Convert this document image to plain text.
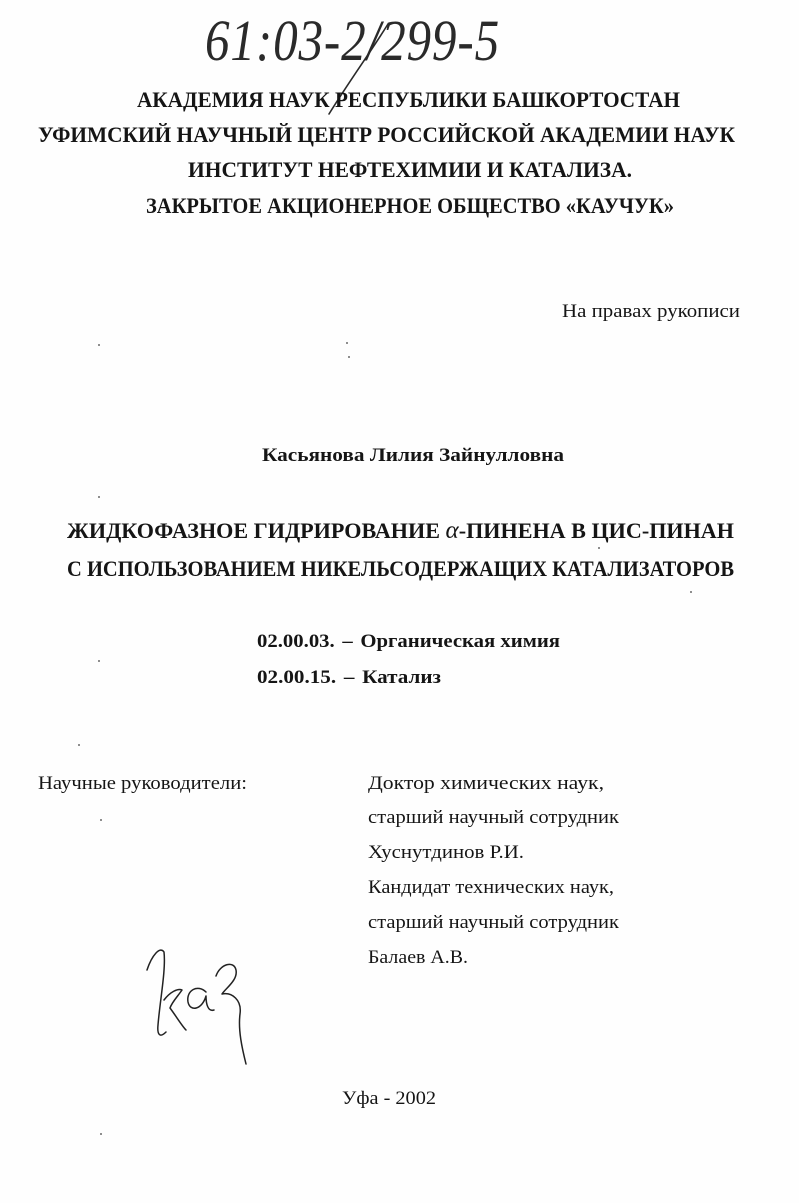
61:03-2/299-5
АКАДЕМИЯ НАУК РЕСПУБЛИКИ БАШКОРТОСТАН
УФИМСКИЙ НАУЧНЫЙ ЦЕНТР РОССИЙСКОЙ АКАДЕМИИ НАУК
ИНСТИТУТ НЕФТЕХИМИИ И КАТАЛИЗА.
ЗАКРЫТОЕ АКЦИОНЕРНОЕ ОБЩЕСТВО «КАУЧУК»
На правах рукописи
Касьянова Лилия Зайнулловна
ЖИДКОФАЗНОЕ ГИДРИРОВАНИЕ α-ПИНЕНА В ЦИС-ПИНАН
С ИСПОЛЬЗОВАНИЕМ НИКЕЛЬСОДЕРЖАЩИХ КАТАЛИЗАТОРОВ
02.00.03. – Органическая химия
02.00.15. – Катализ
Научные руководители:	Доктор химических наук,
старший научный сотрудник
Хуснутдинов Р.И.
Кандидат технических наук,
старший научный сотрудник
Балаев А.В.
Уфа - 2002
